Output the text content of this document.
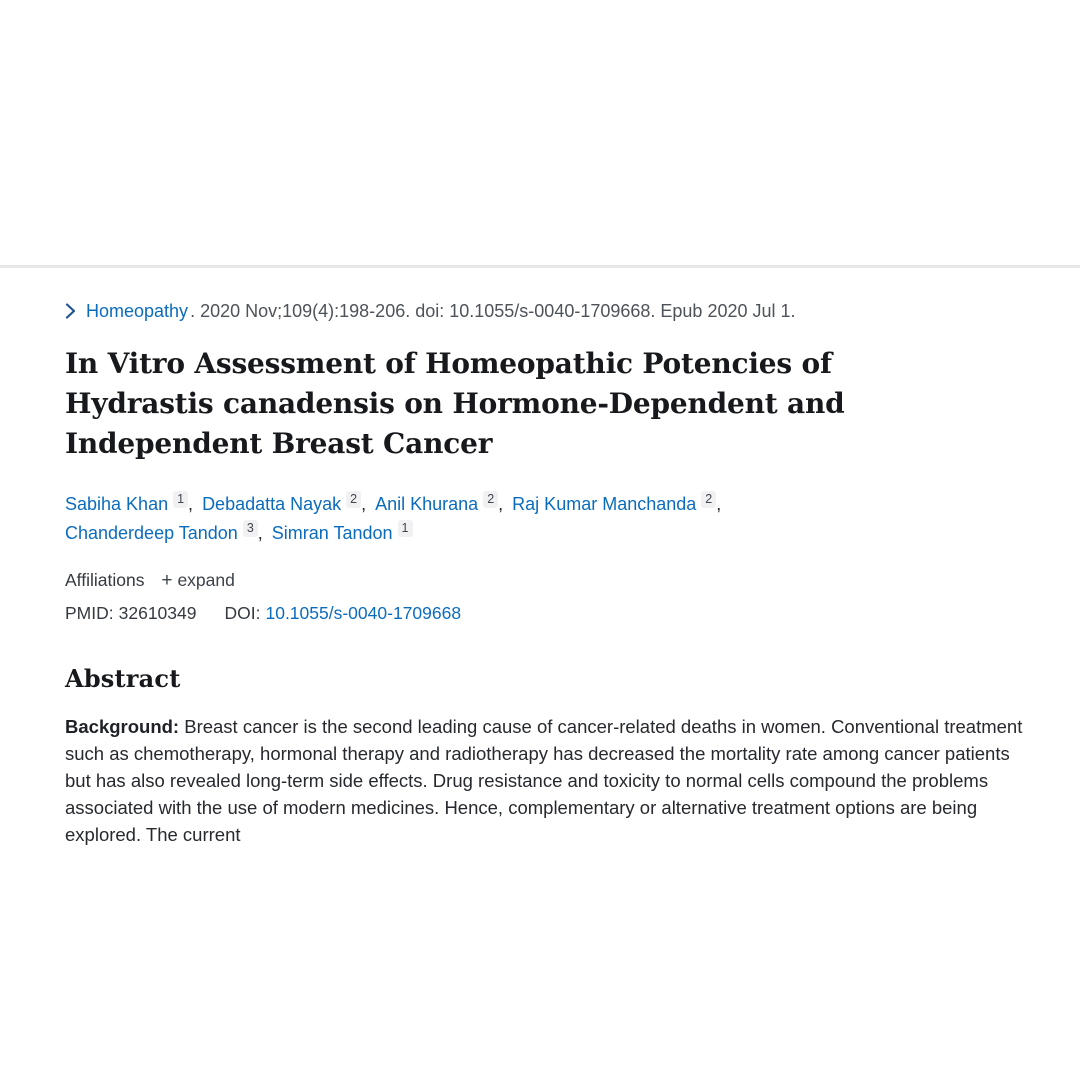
Homeopathy . 2020 Nov;109(4):198-206. doi: 10.1055/s-0040-1709668. Epub 2020 Jul 1.
In Vitro Assessment of Homeopathic Potencies of Hydrastis canadensis on Hormone-Dependent and Independent Breast Cancer
Sabiha Khan 1 , Debadatta Nayak 2 , Anil Khurana 2 , Raj Kumar Manchanda 2 , Chanderdeep Tandon 3 , Simran Tandon 1
Affiliations + expand
PMID: 32610349 DOI: 10.1055/s-0040-1709668
Abstract

Background: Breast cancer is the second leading cause of cancer-related deaths in women. Conventional treatment such as chemotherapy, hormonal therapy and radiotherapy has decreased the mortality rate among cancer patients but has also revealed long-term side effects. Drug resistance and toxicity to normal cells compound the problems associated with the use of modern medicines. Hence, complementary or alternative treatment options are being explored. The current
